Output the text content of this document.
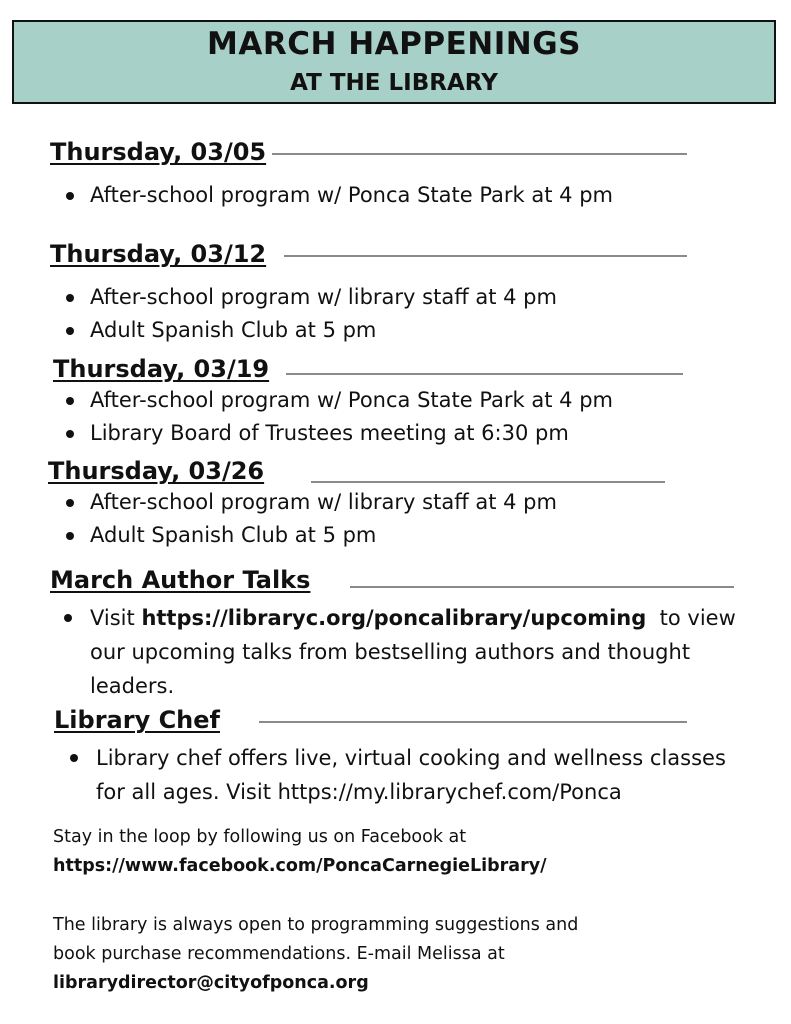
MARCH HAPPENINGS
AT THE LIBRARY
Thursday, 03/05
After-school program w/ Ponca State Park at 4 pm
Thursday, 03/12
After-school program w/ library staff at 4 pm
Adult Spanish Club at 5 pm
Thursday, 03/19
After-school program w/ Ponca State Park at 4 pm
Library Board of Trustees meeting at 6:30 pm
Thursday, 03/26
After-school program w/ library staff at 4 pm
Adult Spanish Club at 5 pm
March Author Talks
Visit https://libraryc.org/poncalibrary/upcoming to view
our upcoming talks from bestselling authors and thought
leaders.
Library Chef
Library chef offers live, virtual cooking and wellness classes
for all ages. Visit https://my.librarychef.com/Ponca
Stay in the loop by following us on Facebook at
https://www.facebook.com/PoncaCarnegieLibrary/
The library is always open to programming suggestions and
book purchase recommendations. E-mail Melissa at
librarydirector@cityofponca.org
